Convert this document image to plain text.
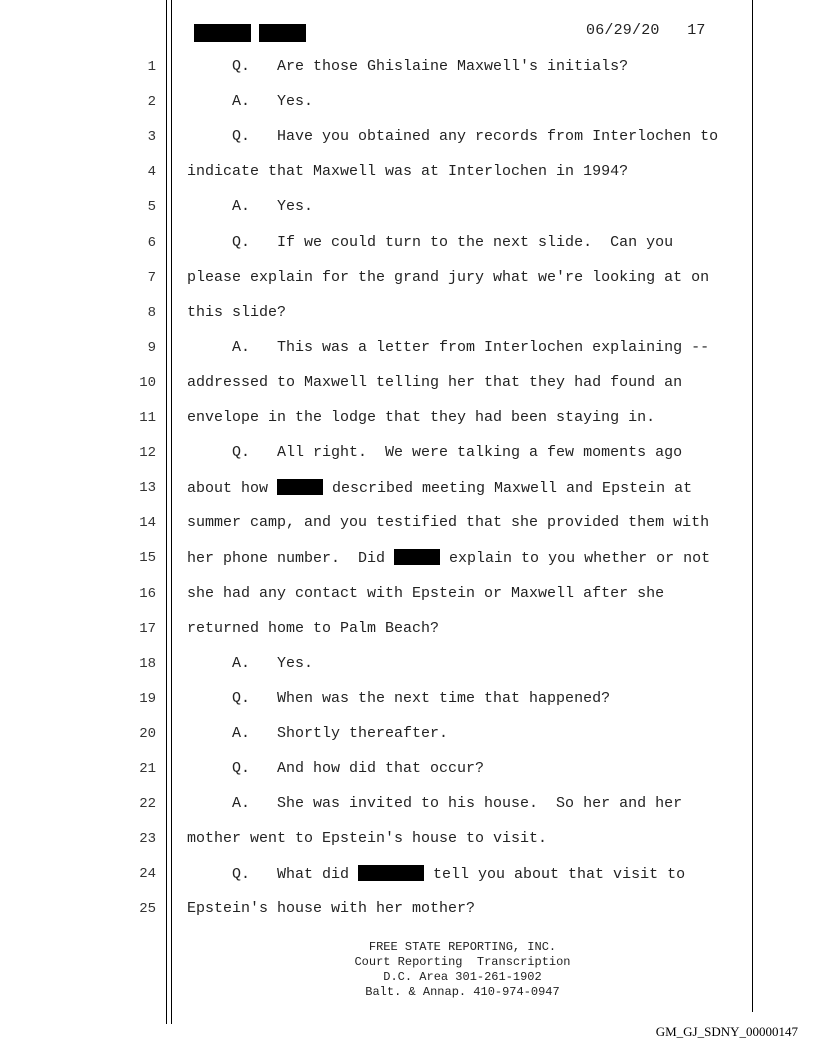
06/29/20   17
1 Q.   Are those Ghislaine Maxwell's initials?
2 A.   Yes.
3 Q.   Have you obtained any records from Interlochen to
4 indicate that Maxwell was at Interlochen in 1994?
5 A.   Yes.
6 Q.   If we could turn to the next slide.  Can you
7 please explain for the grand jury what we're looking at on
8 this slide?
9 A.   This was a letter from Interlochen explaining --
10 addressed to Maxwell telling her that they had found an
11 envelope in the lodge that they had been staying in.
12 Q.   All right.  We were talking a few moments ago
13 about how	described meeting Maxwell and Epstein at
14 summer camp, and you testified that she provided them with
15 her phone number.  Did	explain to you whether or not
16 she had any contact with Epstein or Maxwell after she
17 returned home to Palm Beach?
18 A.   Yes.
19 Q.   When was the next time that happened?
20 A.   Shortly thereafter.
21 Q.   And how did that occur?
22 A.   She was invited to his house.  So her and her
23 mother went to Epstein's house to visit.
24 Q.   What did	tell you about that visit to
25 Epstein's house with her mother?
FREE STATE REPORTING, INC.
Court Reporting  Transcription
D.C. Area 301-261-1902
Balt. & Annap. 410-974-0947
GM_GJ_SDNY_00000147
